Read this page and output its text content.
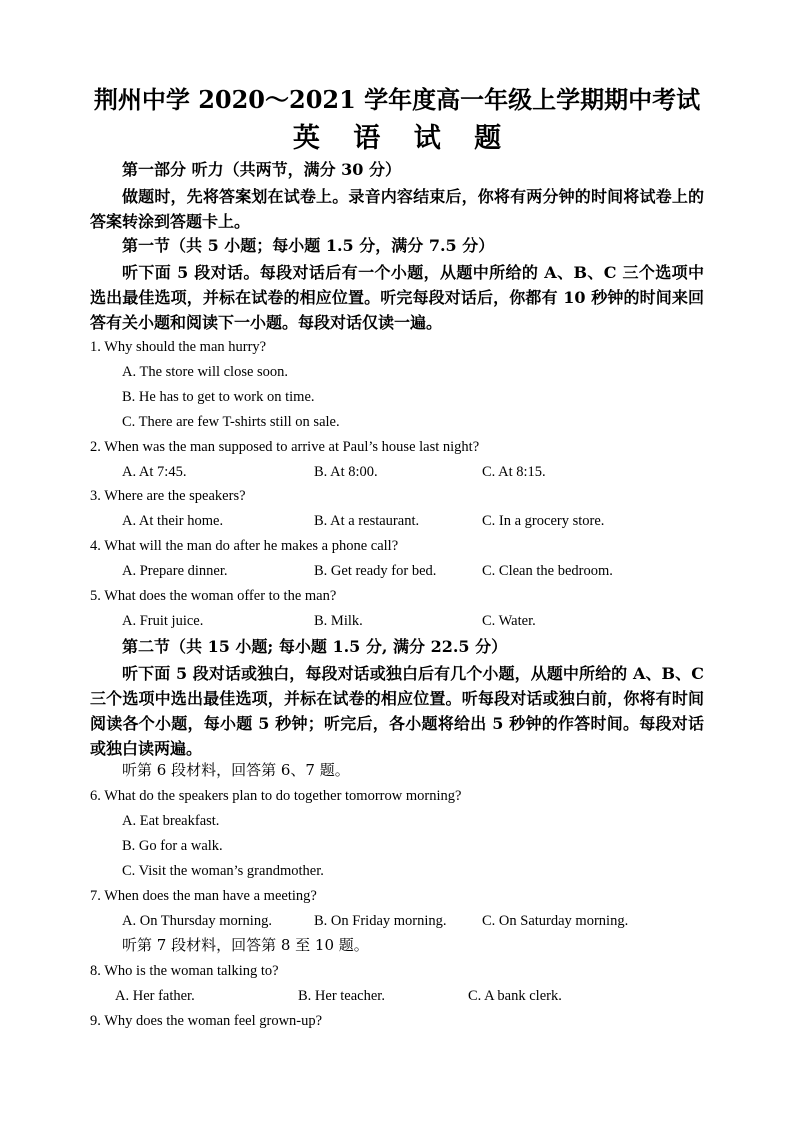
荆州中学 2020～2021 学年度高一年级上学期期中考试
英 语 试 题
第一部分 听力（共两节，满分 30 分）
做题时，先将答案划在试卷上。录音内容结束后，你将有两分钟的时间将试卷上的答案转涂到答题卡上。
第一节（共 5 小题；每小题 1.5 分，满分 7.5 分）
听下面 5 段对话。每段对话后有一个小题，从题中所给的 A、B、C 三个选项中选出最佳选项，并标在试卷的相应位置。听完每段对话后，你都有 10 秒钟的时间来回答有关小题和阅读下一小题。每段对话仅读一遍。
1. Why should the man hurry?
A. The store will close soon.
B. He has to get to work on time.
C. There are few T-shirts still on sale.
2. When was the man supposed to arrive at Paul’s house last night?
A. At 7:45.	B. At 8:00.	C. At 8:15.
3. Where are the speakers?
A. At their home.	B. At a restaurant.	C. In a grocery store.
4. What will the man do after he makes a phone call?
A. Prepare dinner.	B. Get ready for bed.	C. Clean the bedroom.
5. What does the woman offer to the man?
A. Fruit juice.	B. Milk.	C. Water.
第二节（共 15 小题; 每小题 1.5 分, 满分 22.5 分）
听下面 5 段对话或独白，每段对话或独白后有几个小题，从题中所给的 A、B、C 三个选项中选出最佳选项，并标在试卷的相应位置。听每段对话或独白前，你将有时间阅读各个小题，每小题 5 秒钟；听完后，各小题将给出 5 秒钟的作答时间。每段对话或独白读两遍。
听第 6 段材料，回答第 6、7 题。
6. What do the speakers plan to do together tomorrow morning?
A. Eat breakfast.
B. Go for a walk.
C. Visit the woman’s grandmother.
7. When does the man have a meeting?
A. On Thursday morning.	B. On Friday morning. C. On Saturday morning.
听第 7 段材料，回答第 8 至 10 题。
8. Who is the woman talking to?
A. Her father.	B. Her teacher.	C. A bank clerk.
9. Why does the woman feel grown-up?
